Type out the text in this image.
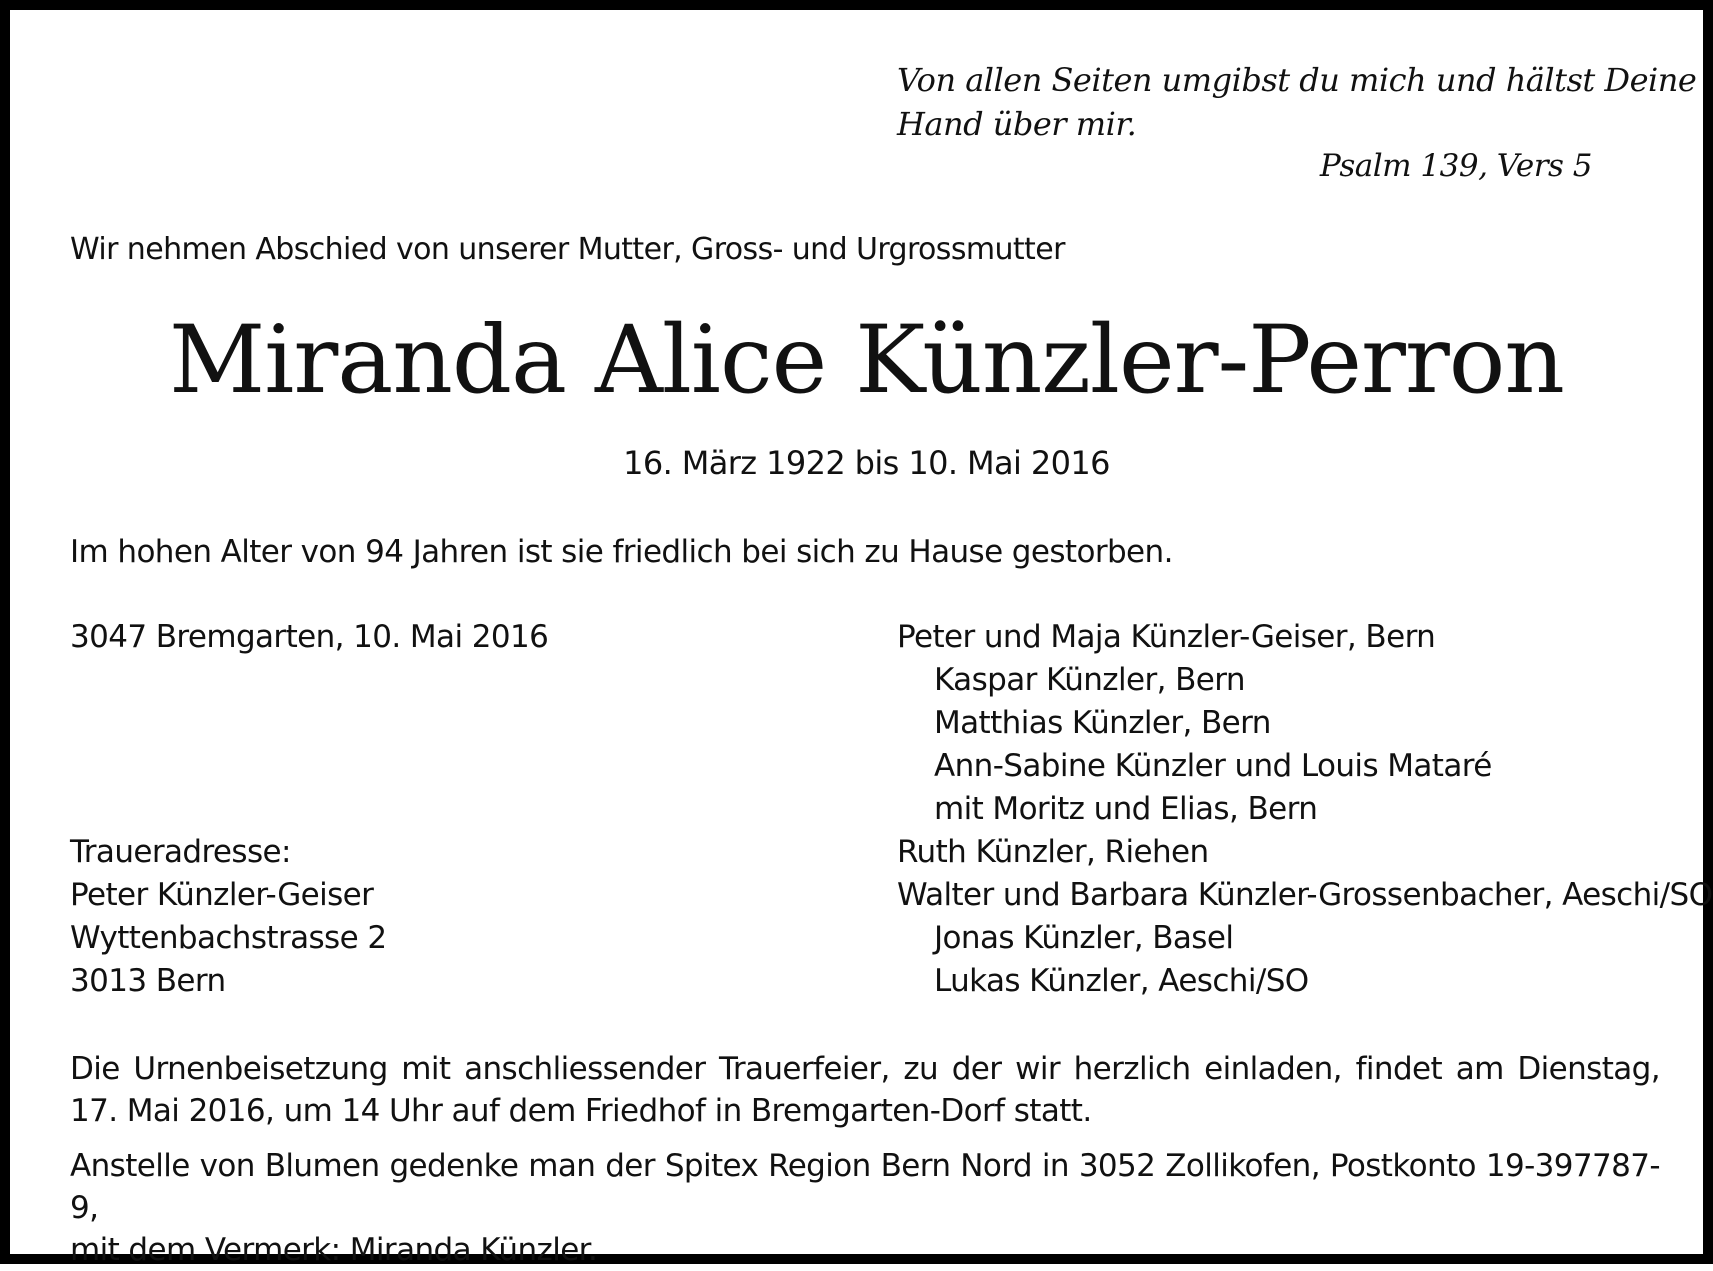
Von allen Seiten umgibst du mich und hältst Deine
Hand über mir.
Psalm 139, Vers 5
Wir nehmen Abschied von unserer Mutter, Gross- und Urgrossmutter
Miranda Alice Künzler-Perron
16. März 1922 bis 10. Mai 2016
Im hohen Alter von 94 Jahren ist sie friedlich bei sich zu Hause gestorben.
3047 Bremgarten, 10. Mai 2016
Traueradresse:
Peter Künzler-Geiser
Wyttenbachstrasse 2
3013 Bern
Peter und Maja Künzler-Geiser, Bern
Kaspar Künzler, Bern
Matthias Künzler, Bern
Ann-Sabine Künzler und Louis Mataré
mit Moritz und Elias, Bern
Ruth Künzler, Riehen
Walter und Barbara Künzler-Grossenbacher, Aeschi/SO
Jonas Künzler, Basel
Lukas Künzler, Aeschi/SO
Die Urnenbeisetzung mit anschliessender Trauerfeier, zu der wir herzlich einladen, findet am Dienstag,
17. Mai 2016, um 14 Uhr auf dem Friedhof in Bremgarten-Dorf statt.
Anstelle von Blumen gedenke man der Spitex Region Bern Nord in 3052 Zollikofen, Postkonto 19-397787-9,
mit dem Vermerk: Miranda Künzler.
